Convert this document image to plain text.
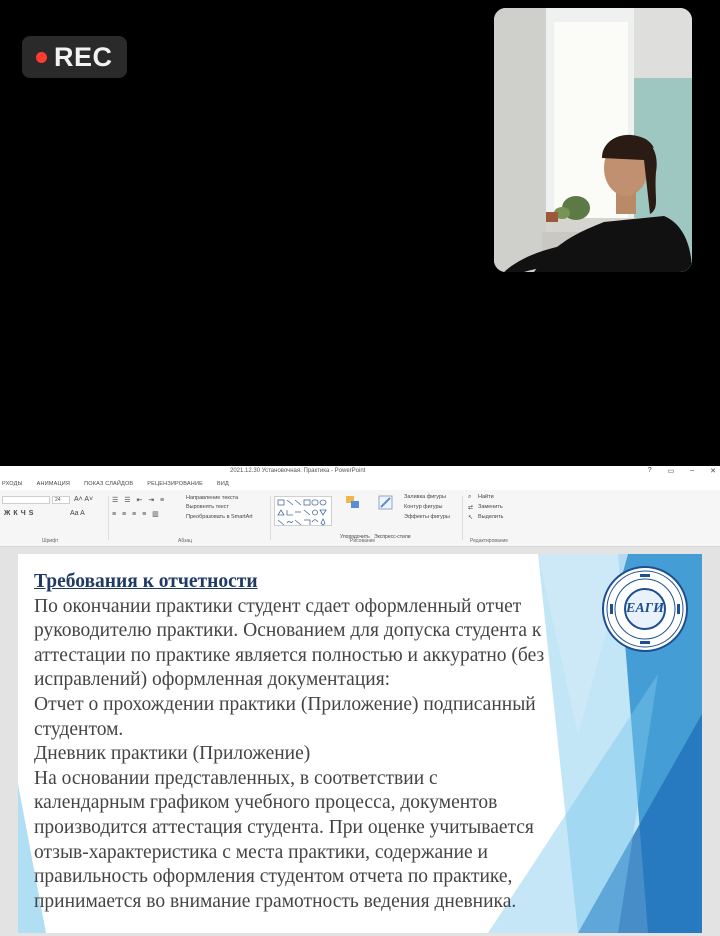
REC
2021.12.30 Установочная. Практика - PowerPoint	? ▭ – ✕
РХОДЫ	АНИМАЦИЯ	ПОКАЗ СЛАЙДОВ	РЕЦЕНЗИРОВАНИЕ	ВИД
24	A˄ A˅
ЖКЧS	Aa A
Шрифт
☰ ☰ ⇤ ⇥ ≡
≡ ≡ ≡ ≡ ▥
Направление текста
Выровнять текст
Преобразовать в SmartArt
Абзац
Упорядочить Экспресс-стили
Заливка фигуры
Контур фигуры
Эффекты фигуры
Рисование
Найти
Заменить
Выделить
⌕
⇄
↖
Редактирование
ЕАГИ
Требования к отчетности
По окончании практики студент сдает оформленный отчет
руководителю практики. Основанием для допуска студента к
аттестации по практике является полностью и аккуратно (без
исправлений) оформленная документация:
Отчет о прохождении практики (Приложение) подписанный
студентом.
Дневник практики (Приложение)
На основании представленных, в соответствии с
календарным графиком учебного процесса, документов
производится аттестация студента. При оценке учитывается
отзыв-характеристика с места практики, содержание и
правильность оформления студентом отчета по практике,
принимается во внимание грамотность ведения дневника.
